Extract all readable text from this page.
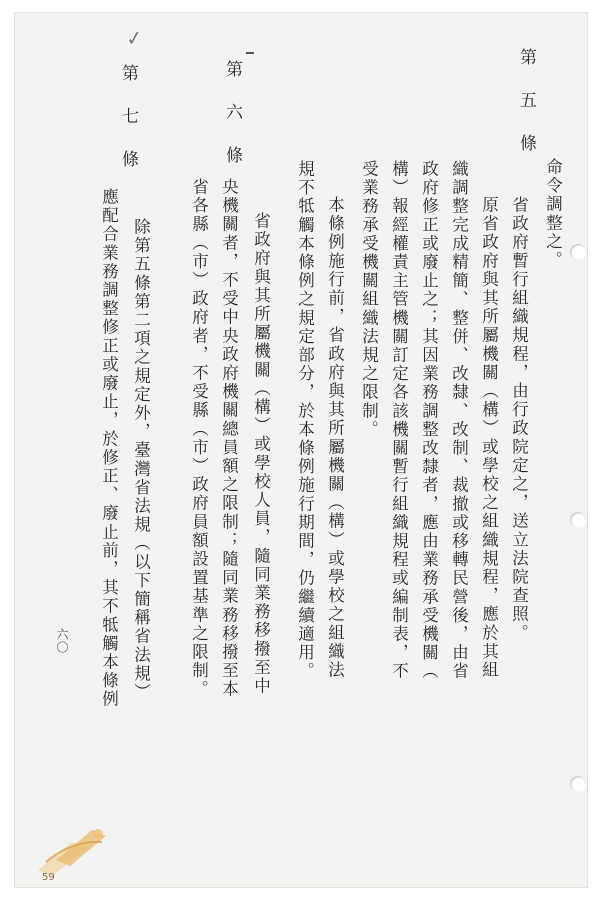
✓
第五條
第六條
第七條
命令調整之。
省政府暫行組織規程，由行政院定之，送立法院查照。
原省政府與其所屬機關（構）或學校之組織規程，應於其組
織調整完成精簡、整併、改隸、改制、裁撤或移轉民營後，由省
政府修正或廢止之；其因業務調整改隸者，應由業務承受機關（
構）報經權責主管機關訂定各該機關暫行組織規程或編制表，不
受業務承受機關組織法規之限制。
本條例施行前，省政府與其所屬機關（構）或學校之組織法
規不牴觸本條例之規定部分，於本條例施行期間，仍繼續適用。
省政府與其所屬機關（構）或學校人員，隨同業務移撥至中
央機關者，不受中央政府機關總員額之限制；隨同業務移撥至本
省各縣（市）政府者，不受縣（市）政府員額設置基準之限制。
除第五條第二項之規定外，臺灣省法規（以下簡稱省法規）
應配合業務調整修正或廢止，於修正、廢止前，其不牴觸本條例
六〇
59
